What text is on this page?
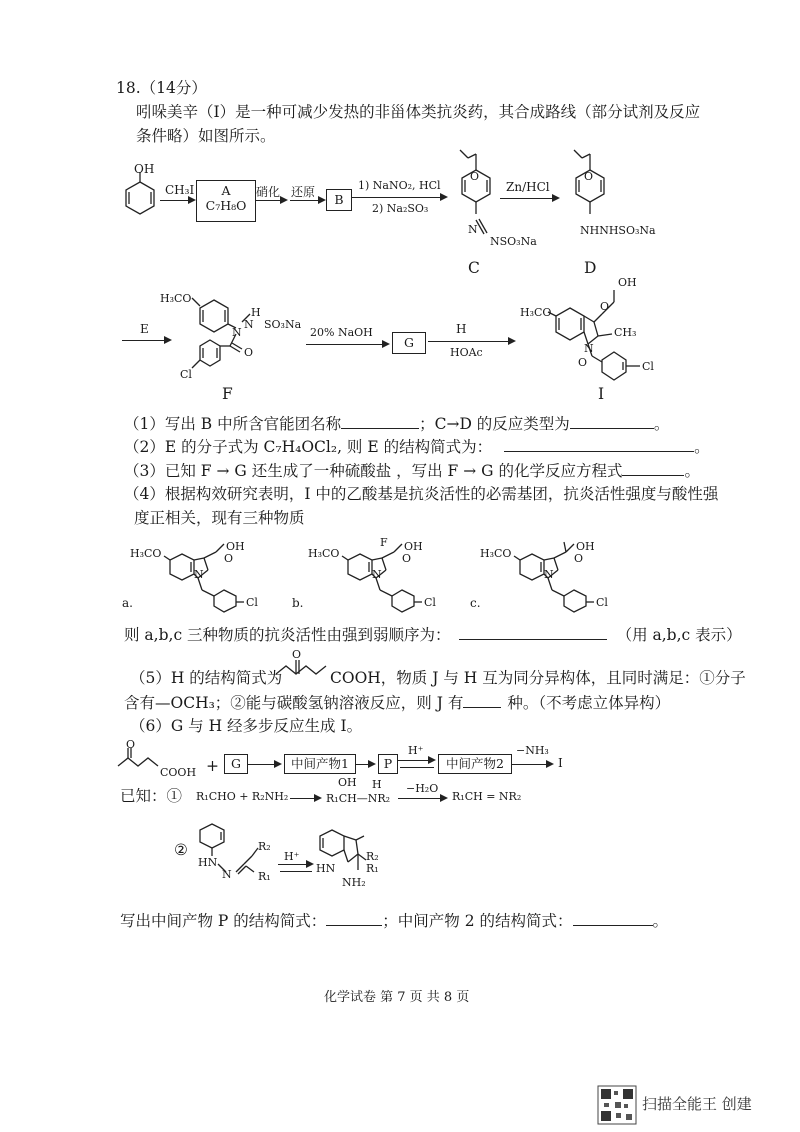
18.（14分）
吲哚美辛（I）是一种可减少发热的非甾体类抗炎药，其合成路线（部分试剂及反应
条件略）如图所示。
OH
CH₃I	A
C₇H₈O
硝化 还原	B
1) NaNO₂, HCl
2) Na₂SO₃
O
N
NSO₃Na
C
Zn/HCl
O
NHNHSO₃Na
D
E
H₃CO
H
N SO₃Na
N
O
Cl
F
20% NaOH
G
H
HOAc
OH
O
H₃CO
CH₃
N
O	Cl
I
（1）写出 B 中所含官能团名称	；C→D 的反应类型为	。
（2）E 的分子式为 C₇H₄OCl₂, 则 E 的结构简式为：	。
（3）已知 F → G 还生成了一种硫酸盐 ，写出 F → G 的化学反应方程式	。
（4）根据构效研究表明，I 中的乙酸基是抗炎活性的必需基团，抗炎活性强度与酸性强
度正相关，现有三种物质
H₃CO
OH
O
N
Cl
a.
H₃CO
F OH
O
N
Cl
b.
H₃CO
OH
O
N
Cl
c.
则 a,b,c 三种物质的抗炎活性由强到弱顺序为：	（用 a,b,c 表示）
（5）H 的结构简式为
O
COOH，物质 J 与 H 互为同分异构体，且同时满足：①分子
含有—OCH₃；②能与碳酸氢钠溶液反应，则 J 有	种。（不考虑立体异构）
（6）G 与 H 经多步反应生成 I。
O
COOH + G	中间产物1	P
H⁺
中间产物2
−NH₃
I
已知：① R₁CHO + R₂NH₂
OH H
R₁CH—NR₂
−H₂O
R₁CH = NR₂
②
HN
N
R₂
R₁
H⁺	R₂
HN	R₁
NH₂
写出中间产物 P 的结构简式：	；中间产物 2 的结构简式：	。
化学试卷 第 7 页 共 8 页
扫描全能王 创建
